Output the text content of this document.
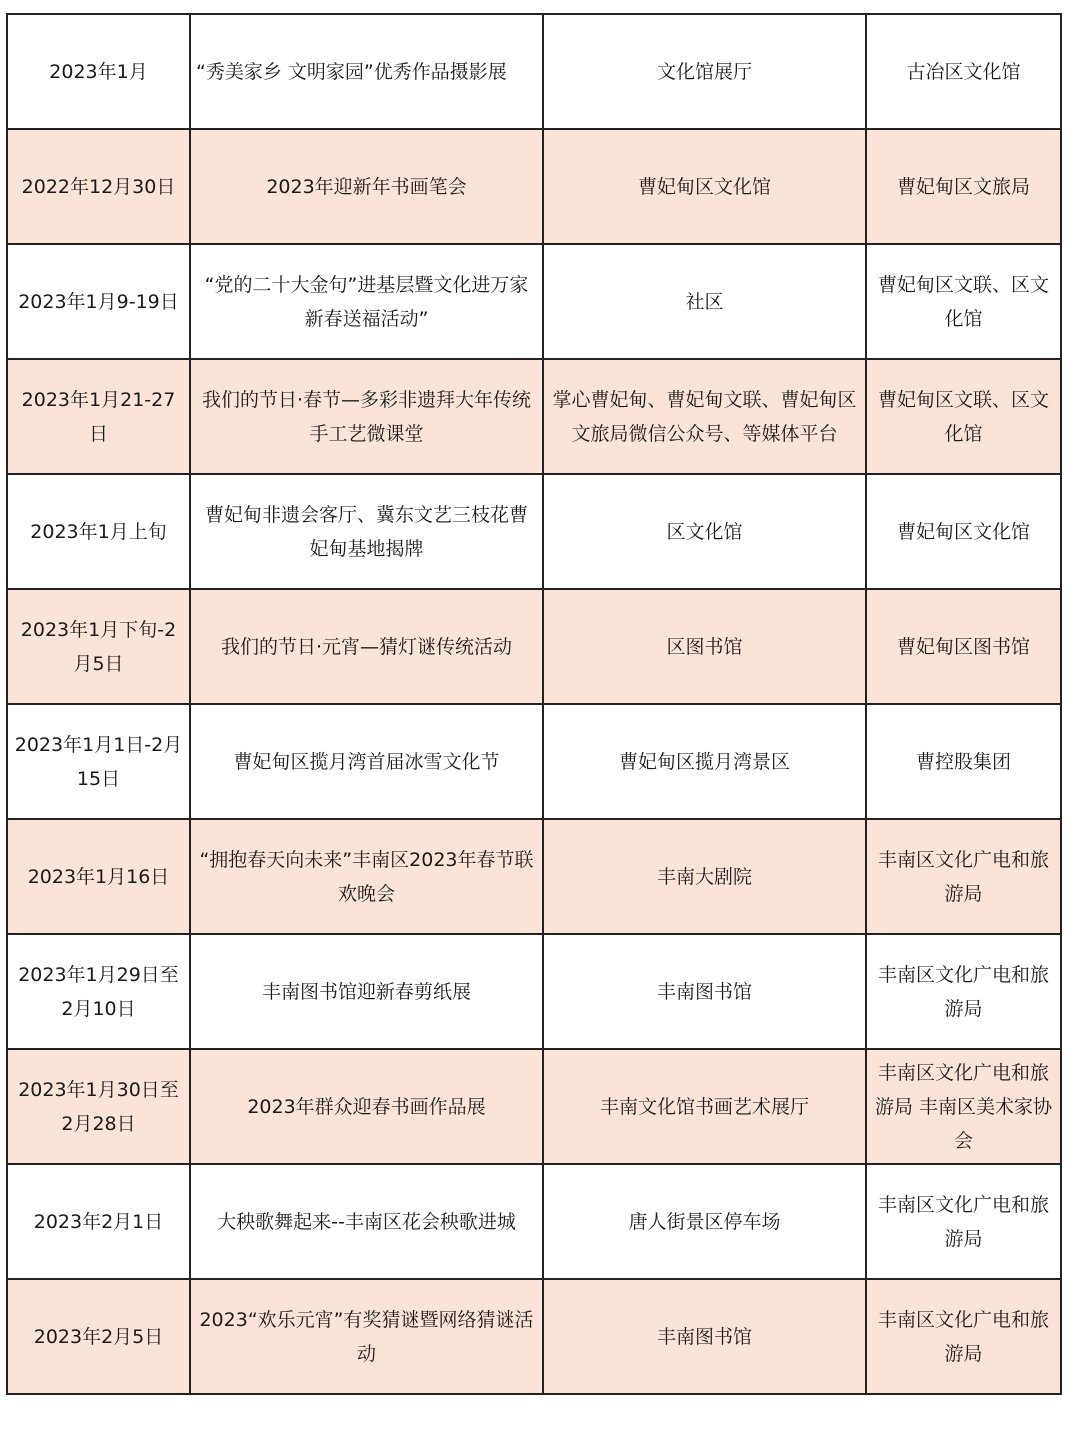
2023年1月	“秀美家乡 文明家园”优秀作品摄影展	文化馆展厅	古冶区文化馆
2022年12月30日	2023年迎新年书画笔会	曹妃甸区文化馆	曹妃甸区文旅局
2023年1月9-19日	“党的二十大金句”进基层暨文化进万家新春送福活动”	社区	曹妃甸区文联、区文化馆
2023年1月21-27日	我们的节日·春节—多彩非遗拜大年传统手工艺微课堂	掌心曹妃甸、曹妃甸文联、曹妃甸区文旅局微信公众号、等媒体平台	曹妃甸区文联、区文化馆
2023年1月上旬	曹妃甸非遗会客厅、冀东文艺三枝花曹妃甸基地揭牌	区文化馆	曹妃甸区文化馆
2023年1月下旬-2月5日	我们的节日·元宵—猜灯谜传统活动	区图书馆	曹妃甸区图书馆
2023年1月1日-2月15日	曹妃甸区揽月湾首届冰雪文化节	曹妃甸区揽月湾景区	曹控股集团
2023年1月16日	“拥抱春天向未来”丰南区2023年春节联欢晚会	丰南大剧院	丰南区文化广电和旅游局
2023年1月29日至2月10日	丰南图书馆迎新春剪纸展	丰南图书馆	丰南区文化广电和旅游局
2023年1月30日至2月28日	2023年群众迎春书画作品展	丰南文化馆书画艺术展厅	丰南区文化广电和旅游局 丰南区美术家协会
2023年2月1日	大秧歌舞起来--丰南区花会秧歌进城	唐人街景区停车场	丰南区文化广电和旅游局
2023年2月5日	2023“欢乐元宵”有奖猜谜暨网络猜谜活动	丰南图书馆	丰南区文化广电和旅游局
